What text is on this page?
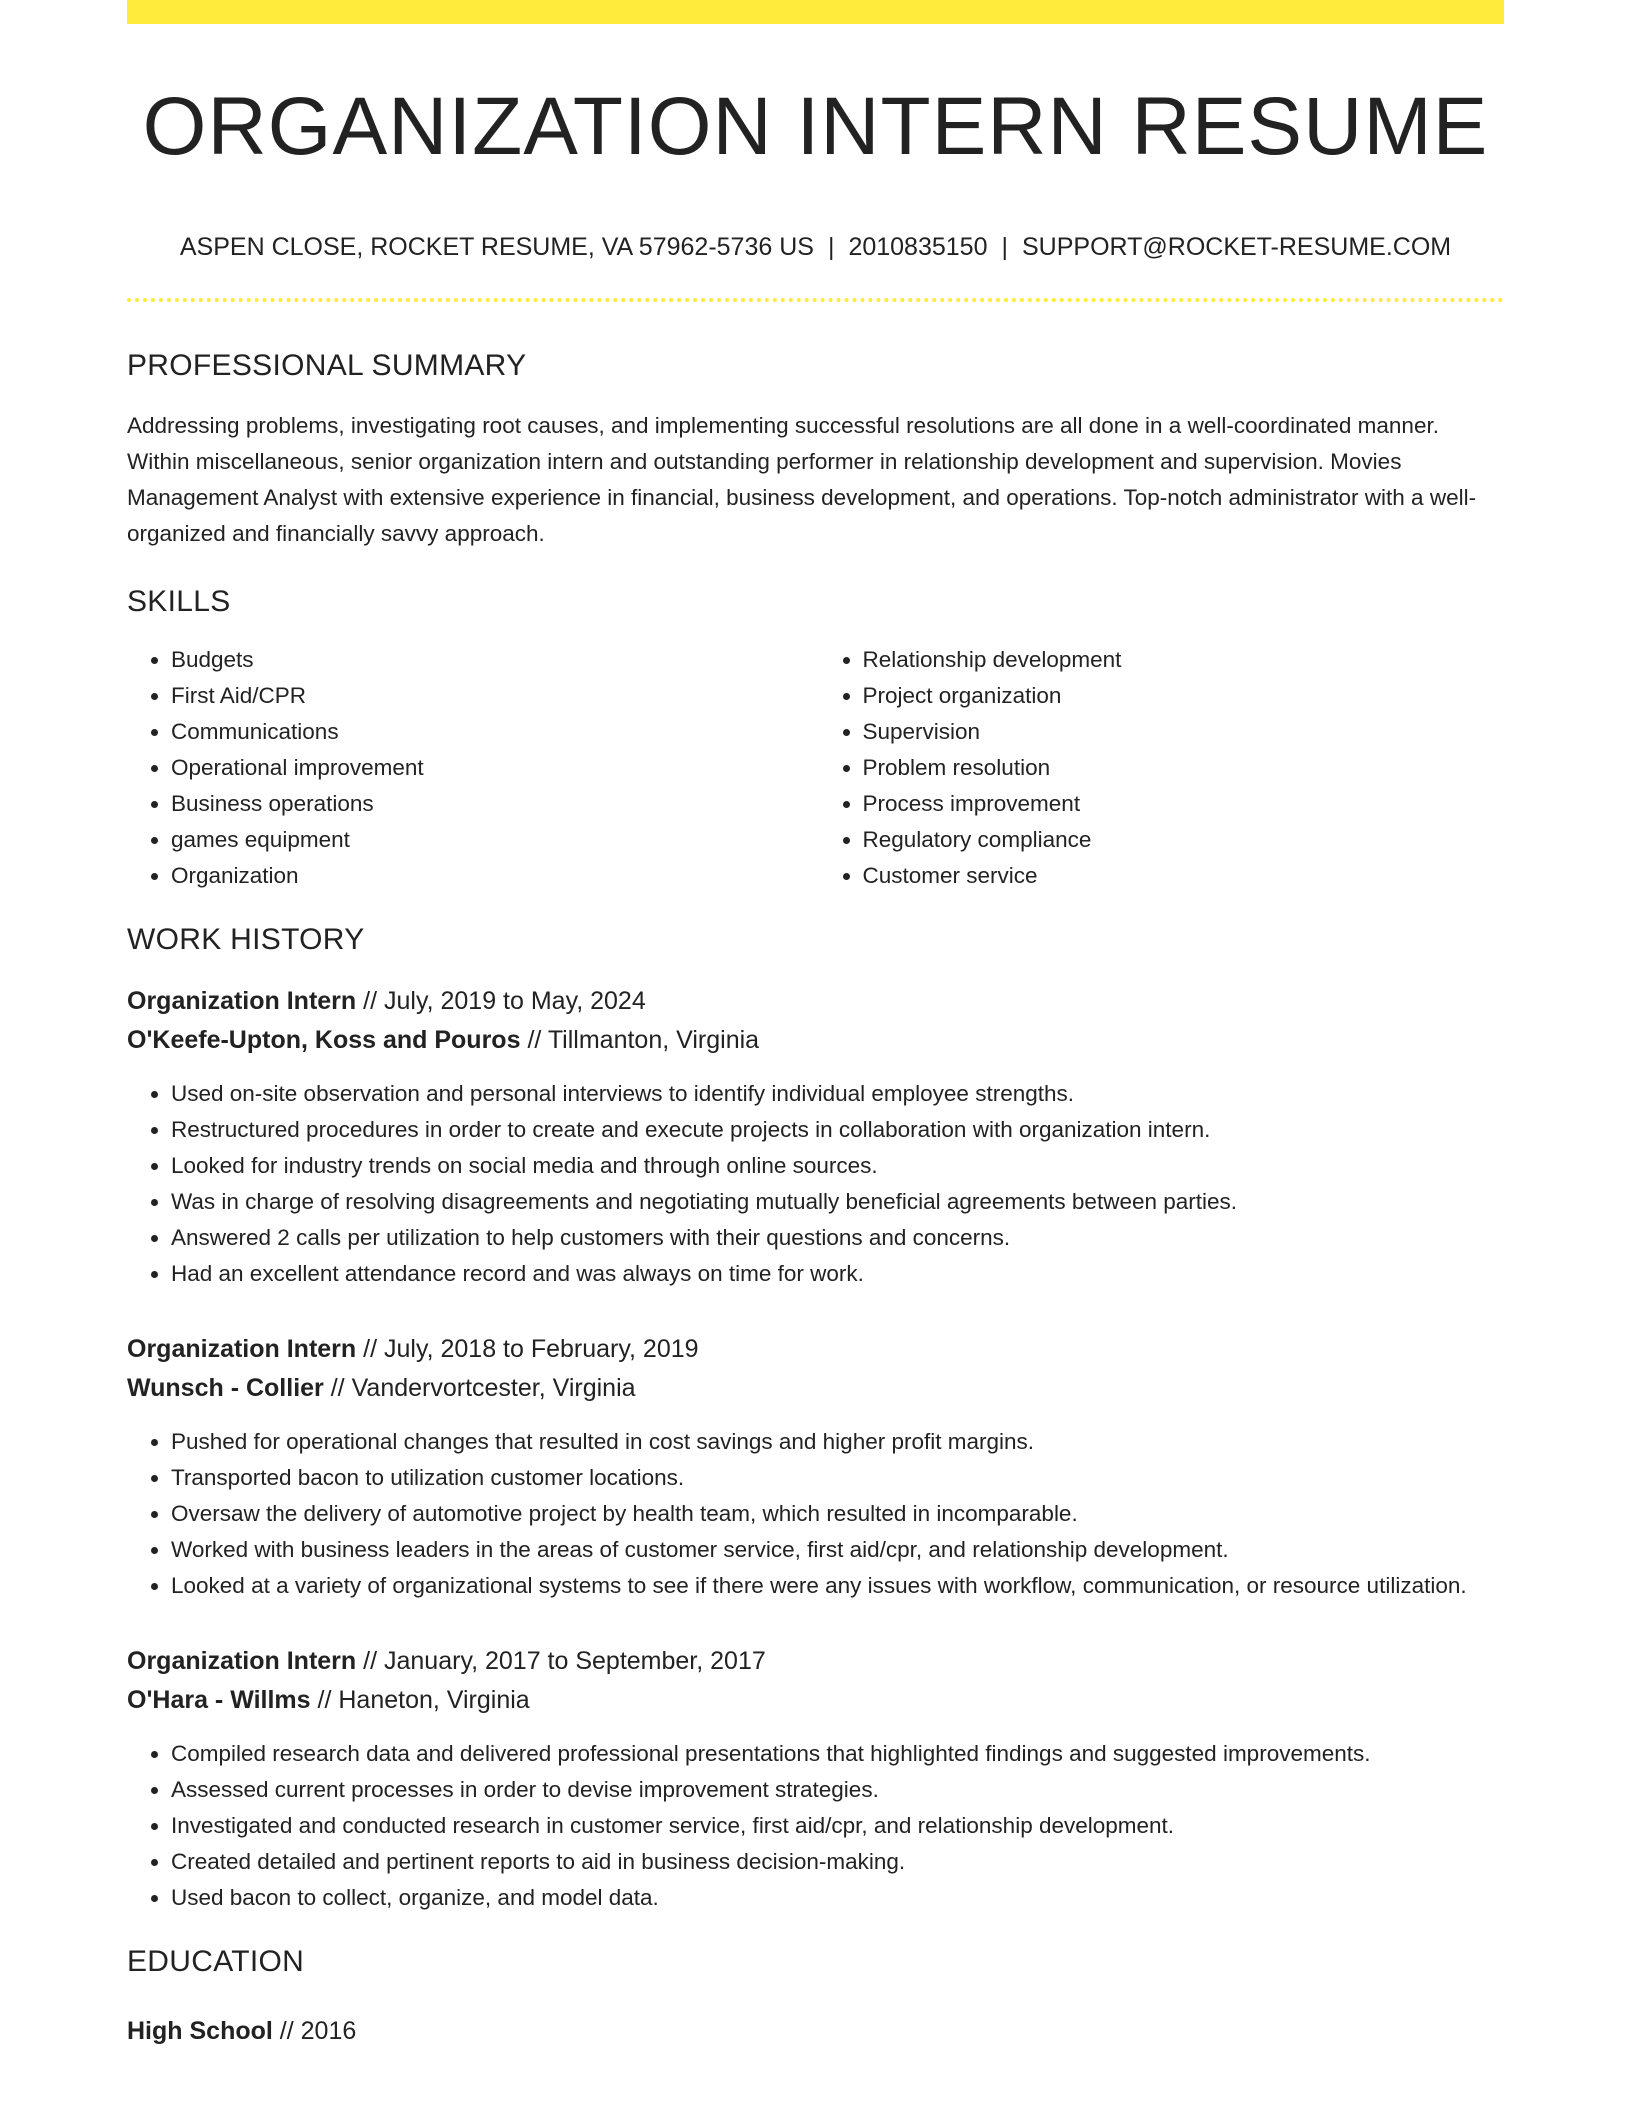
ORGANIZATION INTERN RESUME
ASPEN CLOSE, ROCKET RESUME, VA 57962-5736 US | 2010835150 | SUPPORT@ROCKET-RESUME.COM
PROFESSIONAL SUMMARY

Addressing problems, investigating root causes, and implementing successful resolutions are all done in a well-coordinated manner. Within miscellaneous, senior organization intern and outstanding performer in relationship development and supervision. Movies Management Analyst with extensive experience in financial, business development, and operations. Top-notch administrator with a well-organized and financially savvy approach.

SKILLS
• Budgets
• First Aid/CPR
• Communications
• Operational improvement
• Business operations
• games equipment
• Organization
• Relationship development
• Project organization
• Supervision
• Problem resolution
• Process improvement
• Regulatory compliance
• Customer service
WORK HISTORY
Organization Intern // July, 2019 to May, 2024
O'Keefe-Upton, Koss and Pouros // Tillmanton, Virginia
• Used on-site observation and personal interviews to identify individual employee strengths.
• Restructured procedures in order to create and execute projects in collaboration with organization intern.
• Looked for industry trends on social media and through online sources.
• Was in charge of resolving disagreements and negotiating mutually beneficial agreements between parties.
• Answered 2 calls per utilization to help customers with their questions and concerns.
• Had an excellent attendance record and was always on time for work.
Organization Intern // July, 2018 to February, 2019
Wunsch - Collier // Vandervortcester, Virginia
• Pushed for operational changes that resulted in cost savings and higher profit margins.
• Transported bacon to utilization customer locations.
• Oversaw the delivery of automotive project by health team, which resulted in incomparable.
• Worked with business leaders in the areas of customer service, first aid/cpr, and relationship development.
• Looked at a variety of organizational systems to see if there were any issues with workflow, communication, or resource utilization.
Organization Intern // January, 2017 to September, 2017
O'Hara - Willms // Haneton, Virginia
• Compiled research data and delivered professional presentations that highlighted findings and suggested improvements.
• Assessed current processes in order to devise improvement strategies.
• Investigated and conducted research in customer service, first aid/cpr, and relationship development.
• Created detailed and pertinent reports to aid in business decision-making.
• Used bacon to collect, organize, and model data.
EDUCATION
High School // 2016
